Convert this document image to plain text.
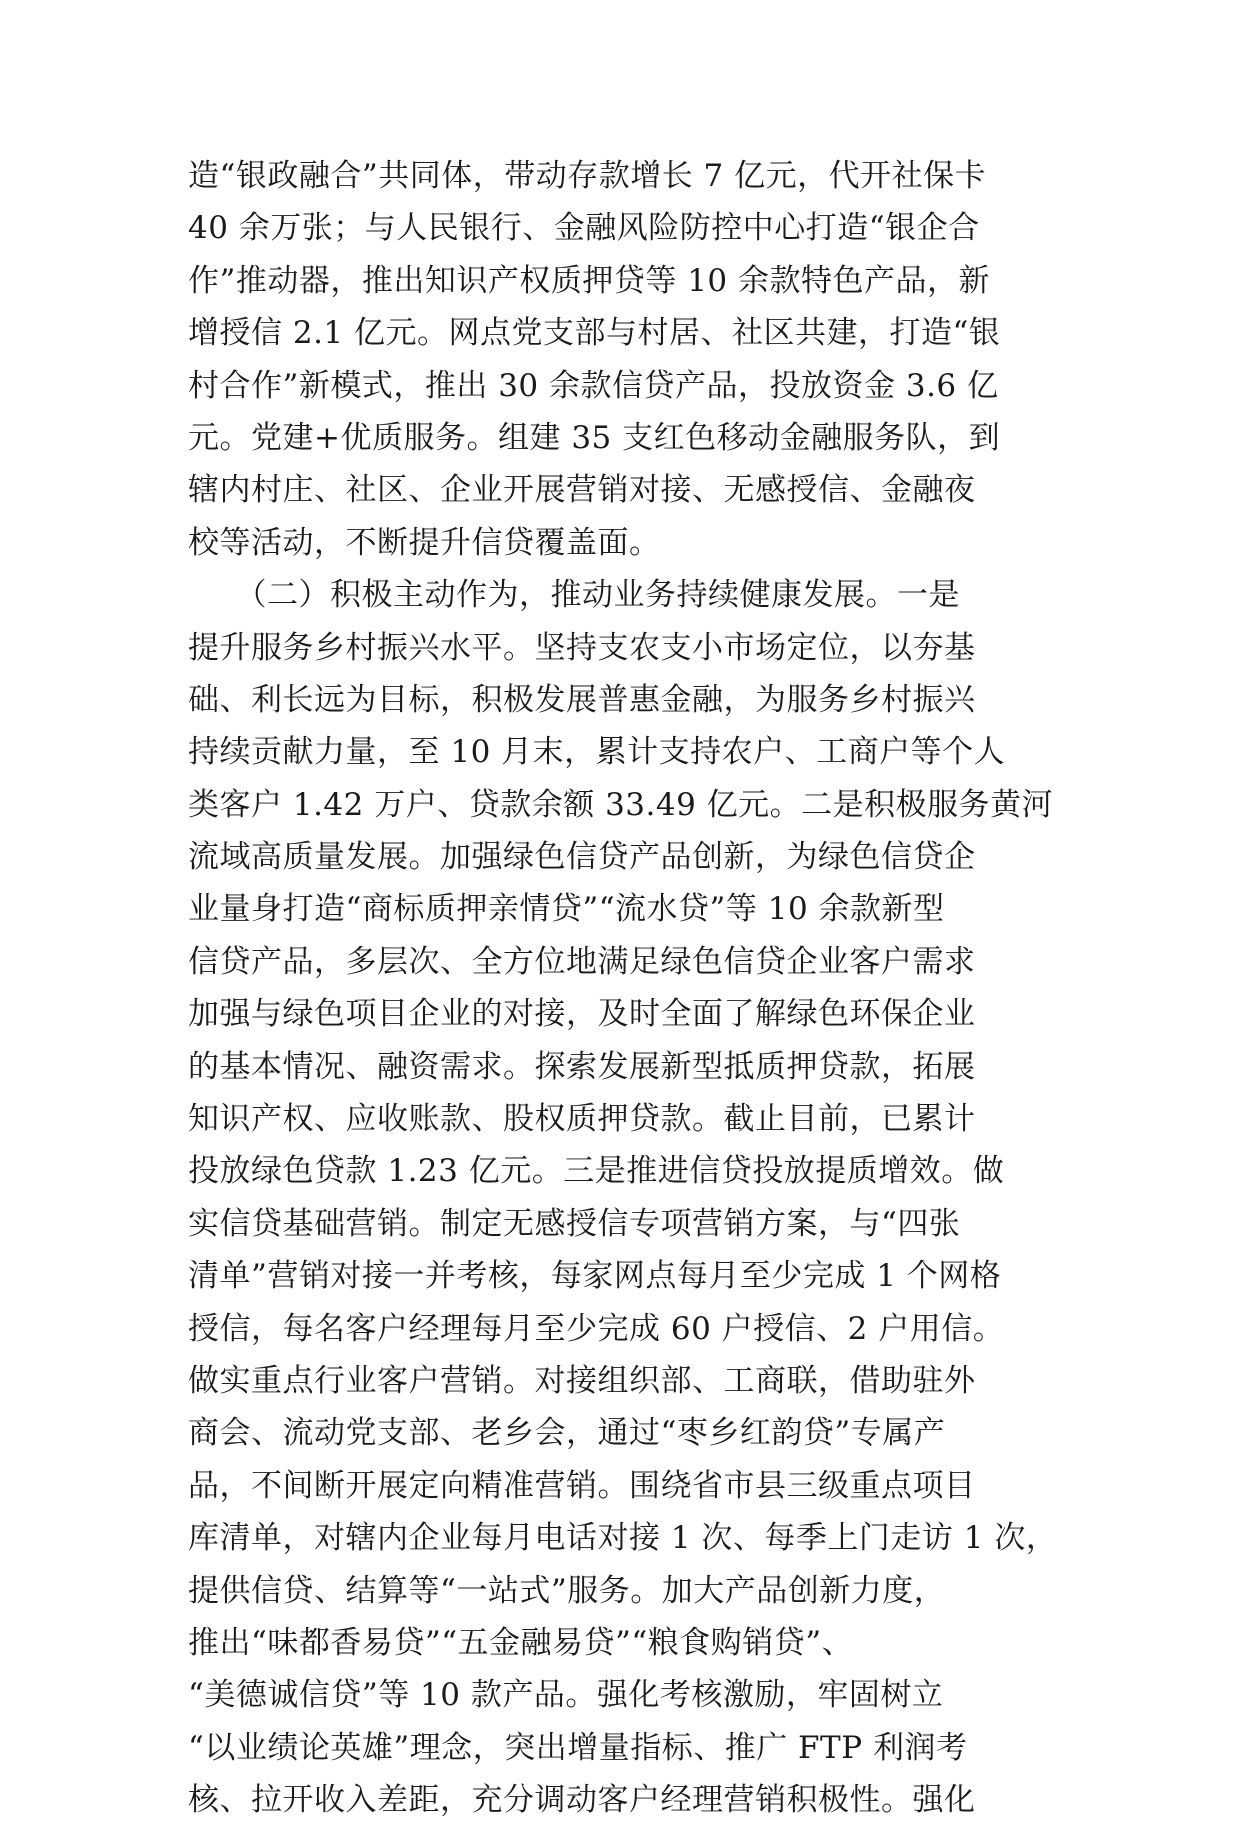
造“银政融合”共同体，带动存款增长 7 亿元，代开社保卡
40 余万张；与人民银行、金融风险防控中心打造“银企合
作”推动器，推出知识产权质押贷等 10 余款特色产品，新
增授信 2.1 亿元。网点党支部与村居、社区共建，打造“银
村合作”新模式，推出 30 余款信贷产品，投放资金 3.6 亿
元。党建+优质服务。组建 35 支红色移动金融服务队，到
辖内村庄、社区、企业开展营销对接、无感授信、金融夜
校等活动，不断提升信贷覆盖面。
　　（二）积极主动作为，推动业务持续健康发展。一是
提升服务乡村振兴水平。坚持支农支小市场定位，以夯基
础、利长远为目标，积极发展普惠金融，为服务乡村振兴
持续贡献力量，至 10 月末，累计支持农户、工商户等个人
类客户 1.42 万户、贷款余额 33.49 亿元。二是积极服务黄河
流域高质量发展。加强绿色信贷产品创新，为绿色信贷企
业量身打造“商标质押亲情贷”“流水贷”等 10 余款新型
信贷产品，多层次、全方位地满足绿色信贷企业客户需求
加强与绿色项目企业的对接，及时全面了解绿色环保企业
的基本情况、融资需求。探索发展新型抵质押贷款，拓展
知识产权、应收账款、股权质押贷款。截止目前，已累计
投放绿色贷款 1.23 亿元。三是推进信贷投放提质增效。做
实信贷基础营销。制定无感授信专项营销方案，与“四张
清单”营销对接一并考核，每家网点每月至少完成 1 个网格
授信，每名客户经理每月至少完成 60 户授信、2 户用信。
做实重点行业客户营销。对接组织部、工商联，借助驻外
商会、流动党支部、老乡会，通过“枣乡红韵贷”专属产
品，不间断开展定向精准营销。围绕省市县三级重点项目
库清单，对辖内企业每月电话对接 1 次、每季上门走访 1 次，
提供信贷、结算等“一站式”服务。加大产品创新力度，
推出“味都香易贷”“五金融易贷”“粮食购销贷”、
“美德诚信贷”等 10 款产品。强化考核激励，牢固树立
“以业绩论英雄”理念，突出增量指标、推广 FTP 利润考
核、拉开收入差距，充分调动客户经理营销积极性。强化
